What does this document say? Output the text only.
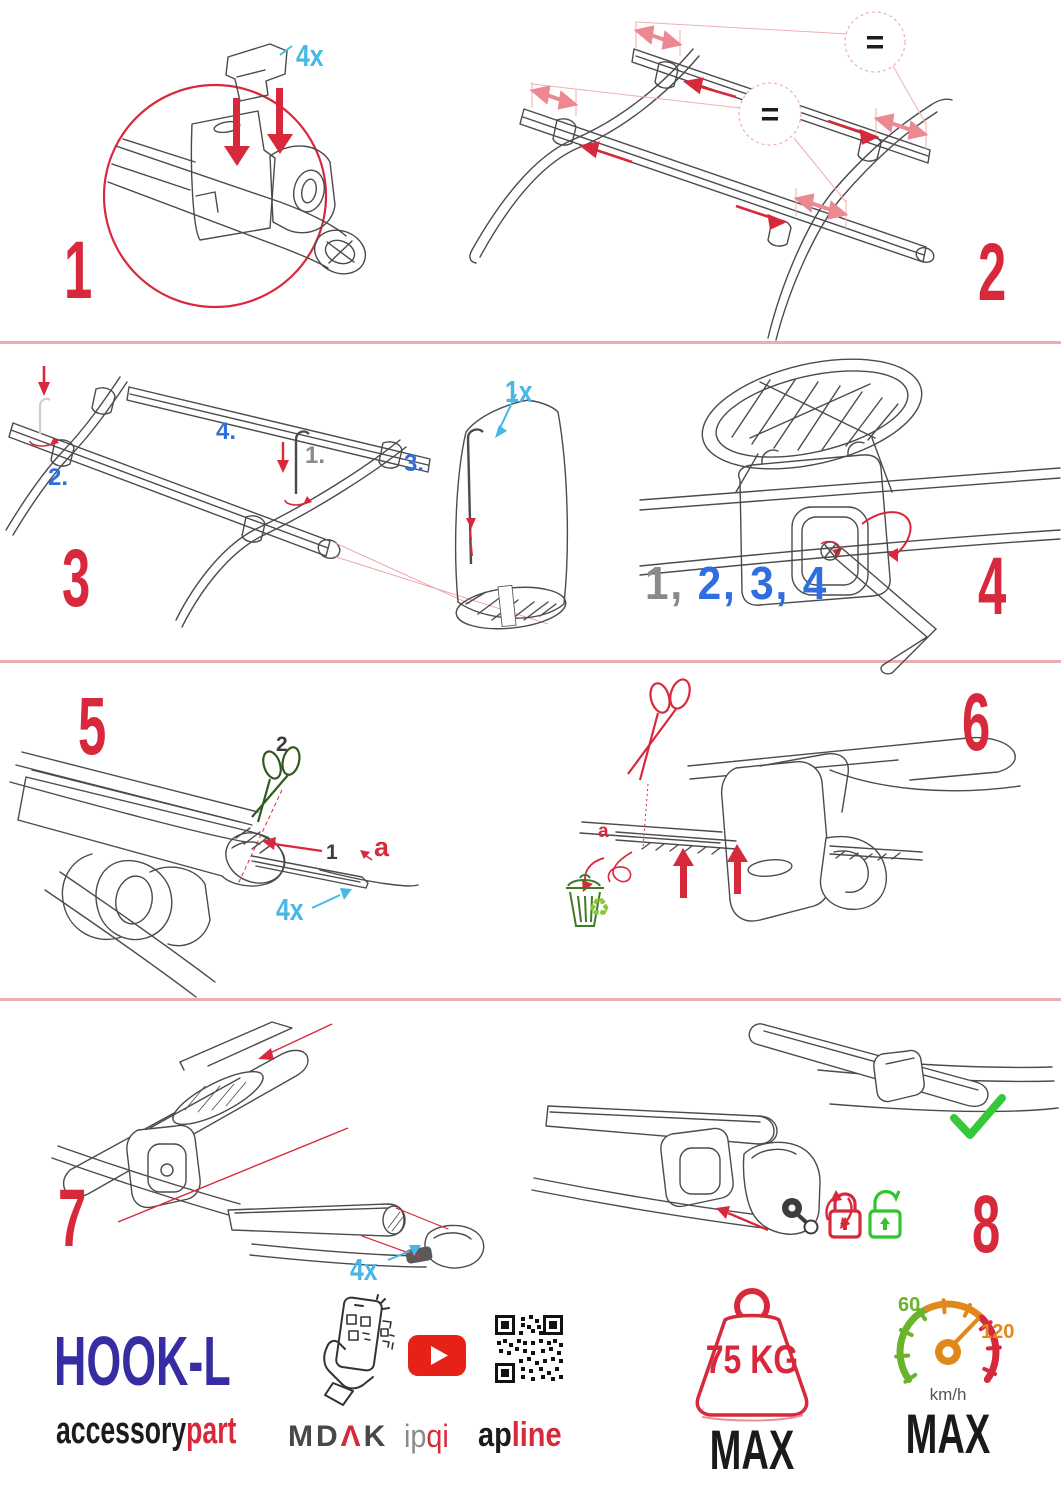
4x
1
=
=
2
1.
2.
3.
4.
1x
3	1, 2, 3, 4 4
2
1 a
4x
5
a
♻
6
4x
7	8
HOOK-L
accessorypart MDΛK ipqi apline
75 KG
MAX
60
120
km/h
MAX
